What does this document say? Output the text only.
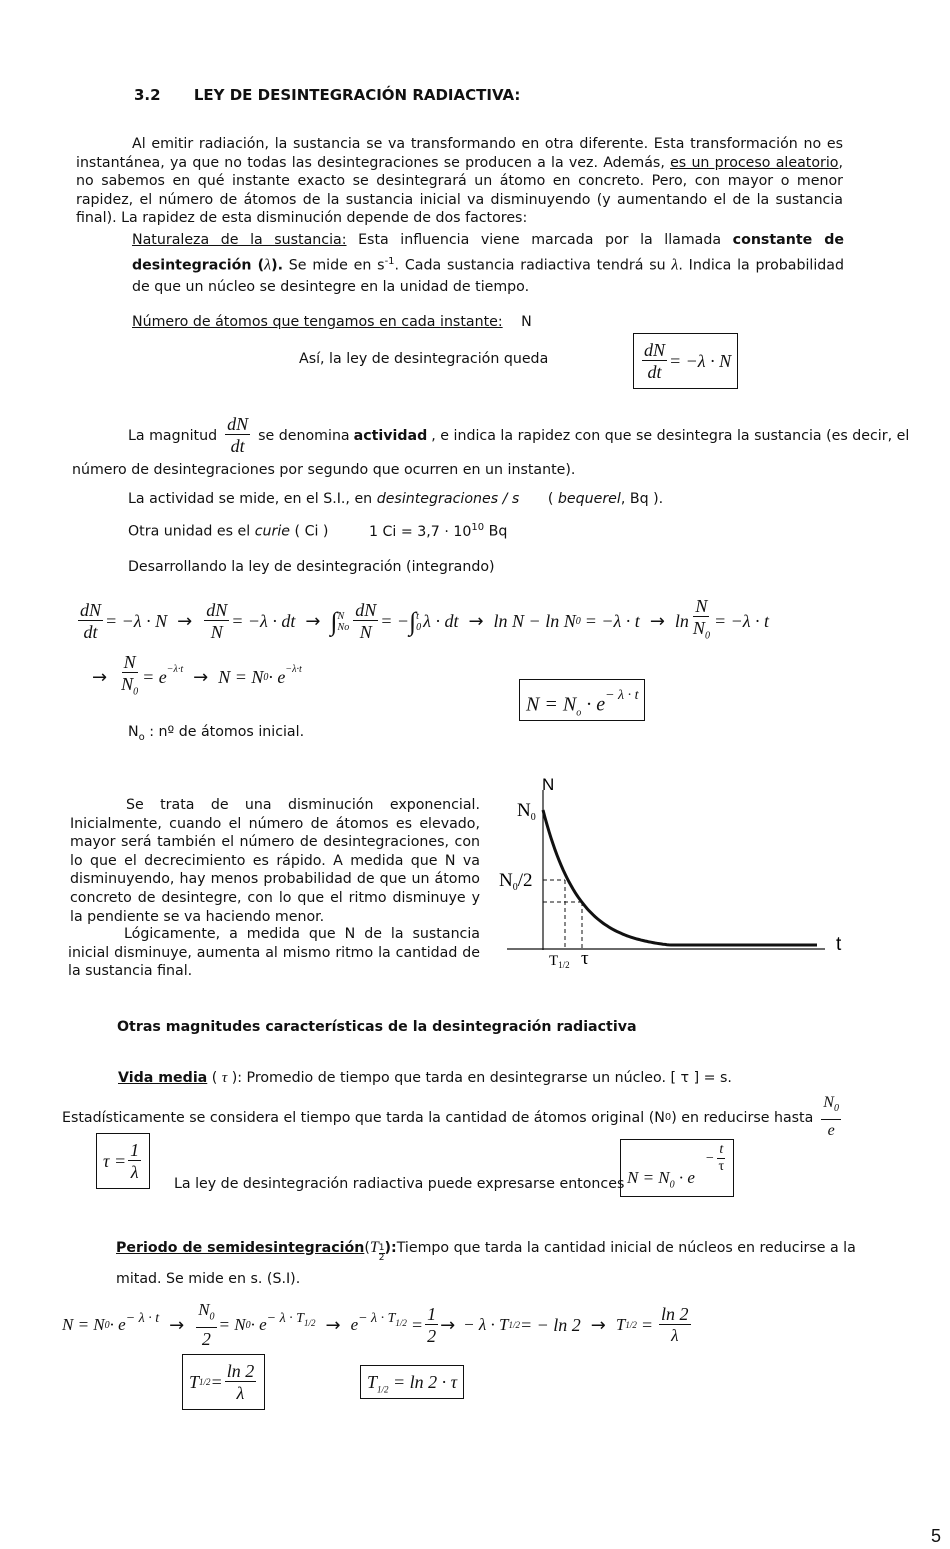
3.2 LEY DE DESINTEGRACIÓN RADIACTIVA:
Al emitir radiación, la sustancia se va transformando en otra diferente. Esta transformación no es instantánea, ya que no todas las desintegraciones se producen a la vez. Además, es un proceso aleatorio, no sabemos en qué instante exacto se desintegrará un átomo en concreto. Pero, con mayor o menor rapidez, el número de átomos de la sustancia inicial va disminuyendo (y aumentando el de la sustancia final). La rapidez de esta disminución depende de dos factores:
Naturaleza de la sustancia: Esta influencia viene marcada por la llamada constante de desintegración (λ). Se mide en $s^{-1}$. Cada sustancia radiactiva tendrá su λ. Indica la probabilidad de que un núcleo se desintegre en la unidad de tiempo.
Número de átomos que tengamos en cada instante: N
Así, la ley de desintegración queda	$\frac{dN}{dt} = -\lambda \cdot N$
La magnitud $\frac{dN}{dt}$ se denomina actividad , e indica la rapidez con que se desintegra la sustancia (es decir, el
número de desintegraciones por segundo que ocurren en un instante).
La actividad se mide, en el S.I., en desintegraciones / s ( bequerel, Bq ).
Otra unidad es el curie ( Ci )	1 $Ci = 3,7 \cdot 10^{10}$ Bq
Desarrollando la ley de desintegración (integrando)
$\frac{dN}{dt} = -\lambda \cdot N \to \frac{dN}{N} = -\lambda$ · dt → ∫ N
No $\frac{dN}{N}$ = − ∫ t
0 λ · dt → ln N − ln N $0 = -\lambda \cdot t \to \ln \frac{N}{N_0} = -\lambda \cdot t$
→ $\frac{N}{N_0} = e^{-\lambda\cdot t} \to N = N$ $0 \cdot e^{-\lambda\cdot t}$
$N = N_o \cdot e^{- \lambda \cdot t}$
$N_o$ : nº de átomos inicial.
Se trata de una disminución exponencial. Inicialmente, cuando el número de átomos es elevado, mayor será también el número de desintegraciones, con lo que el decrecimiento es rápido. A medida que N va disminuyendo, hay menos probabilidad de que un átomo concreto de desintegre, con lo que el ritmo disminuye y la pendiente se va haciendo menor.
Lógicamente, a medida que N de la sustancia inicial disminuye, aumenta al mismo ritmo la cantidad de la sustancia final.
N
t
$N_0$
$N_0/2$
$T_{1/2}$ τ
Otras magnitudes características de la desintegración radiactiva
Vida media ( τ ): Promedio de tiempo que tarda en desintegrarse un núcleo. [ τ ] = s.
Estadísticamente se considera el tiempo que tarda la cantidad de átomos original (N 0 ) en reducirse hasta $\frac{N_0}{e}$
$\tau = \frac{1}{\lambda}$
La ley de desintegración radiactiva puede expresarse entonces $N = N_0 \cdot e$
− $\frac{t}{\tau}$
Periodo de semidesintegración ( T 1
2
): Tiempo que tarda la cantidad inicial de núcleos en reducirse a la
mitad. Se mide en s. (S.I).
N = N $0 \cdot e^{- \lambda \cdot t} \to \frac{N_0}{2} = N$ 0 · e $^{- \lambda \cdot T_{1/2}}$ → e $^{- \lambda \cdot T_{1/2}} = \frac{1}{2}$ → − λ · T 1/2 = − ln 2 → T $1/2 = \frac{\ln 2}{\lambda}$
T $1/2 = \frac{\ln 2}{\lambda}$	$T_{1/2} = \ln 2 \cdot \tau$
5
